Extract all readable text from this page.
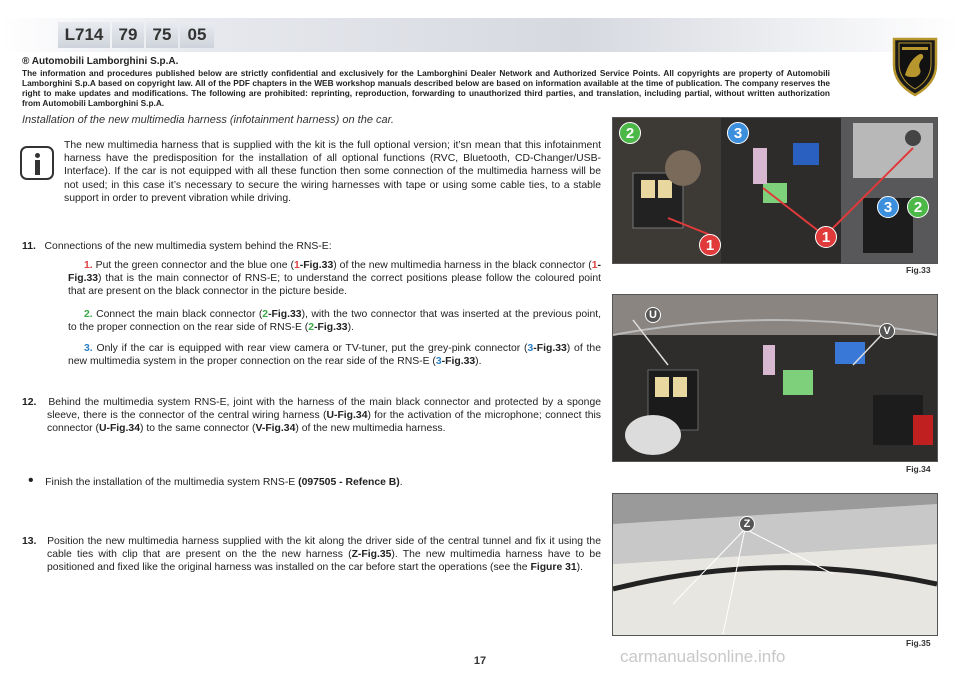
L714 79 75 05
® Automobili Lamborghini S.p.A.
The information and procedures published below are strictly confidential and exclusively for the Lamborghini Dealer Network and Authorized Service Points. All copyrights are property of Automobili Lamborghini S.p.A based on copyright law. All of the PDF chapters in the WEB workshop manuals described below are based on information available at the time of publication. The company reserves the right to make updates and modifications. The following are prohibited: reprinting, reproduction, forwarding to unauthorized third parties, and translation, including partial, without written authorization from Automobili Lamborghini S.p.A.
Installation of the new multimedia harness (infotainment harness) on the car.
The new multimedia harness that is supplied with the kit is the full optional version; it’sn mean that this infotainment harness have the predisposition for the installation of all optional functions (RVC, Bluetooth, CD-Changer/USB-Interface). If the car is not equipped with all these function then some connection of the multimedia harness will be not used; in this case it’s necessary to secure the wiring harnesses with tape or using some cable ties, to a stable support in order to prevent vibration while driving.
11. Connections of the new multimedia system behind the RNS-E:
1. Put the green connector and the blue one (1-Fig.33) of the new multimedia harness in the black connector (1-Fig.33) that is the main connector of RNS-E; to understand the correct positions please follow the coloured point that are present on the black connector in the picture beside.
2. Connect the main black connector (2-Fig.33), with the two connector that was inserted at the previous point, to the proper connection on the rear side of RNS-E (2-Fig.33).
3. Only if the car is equipped with rear view camera or TV-tuner, put the grey-pink connector (3-Fig.33) of the new multimedia system in the proper connection on the rear side of the RNS-E (3-Fig.33).
12. Behind the multimedia system RNS-E, joint with the harness of the main black connector and protected by a sponge sleeve, there is the connector of the central wiring harness (U-Fig.34) for the activation of the microphone; connect this connector (U-Fig.34) to the same connector (V-Fig.34) of the new multimedia harness.
• Finish the installation of the multimedia system RNS-E (097505 - Refence B).
13. Position the new multimedia harness supplied with the kit along the driver side of the central tunnel and fix it using the cable ties with clip that are present on the the new harness (Z-Fig.35). The new multimedia harness have to be positioned and fixed like the original harness was installed on the car before start the operations (see the Figure 31).
2	3
1	1
3	2
Fig.33
U
V
Fig.34
Z
Fig.35
17	carmanualsonline.info
